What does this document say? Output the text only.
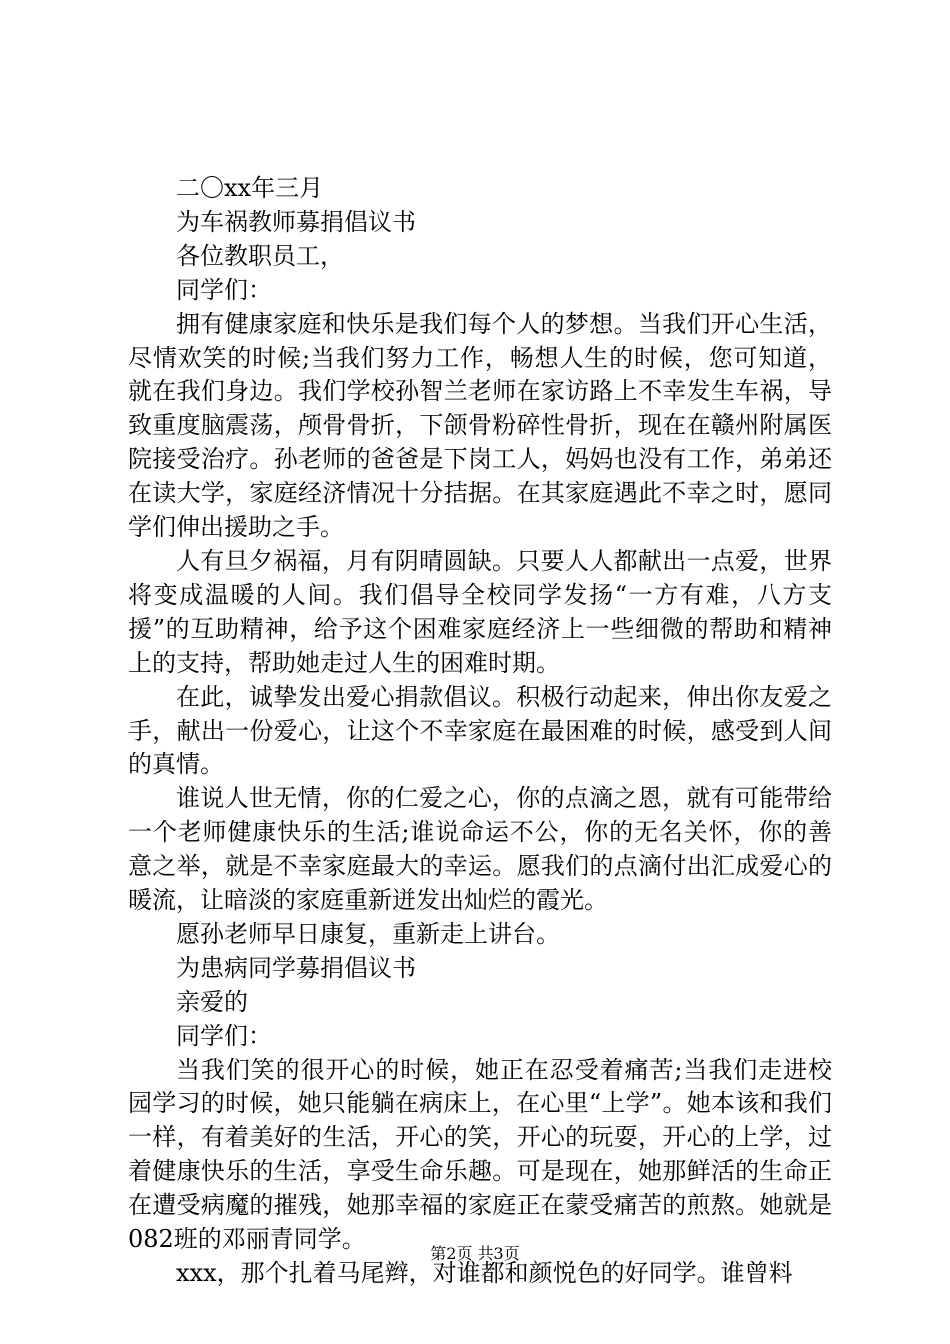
二〇xx年三月

为车祸教师募捐倡议书

各位教职员工，

同学们：

拥有健康家庭和快乐是我们每个人的梦想。当我们开心生活，尽情欢笑的时候;当我们努力工作，畅想人生的时候，您可知道，就在我们身边。我们学校孙智兰老师在家访路上不幸发生车祸，导致重度脑震荡，颅骨骨折，下颌骨粉碎性骨折，现在在赣州附属医院接受治疗。孙老师的爸爸是下岗工人，妈妈也没有工作，弟弟还在读大学，家庭经济情况十分拮据。在其家庭遇此不幸之时，愿同学们伸出援助之手。

人有旦夕祸福，月有阴晴圆缺。只要人人都献出一点爱，世界将变成温暖的人间。我们倡导全校同学发扬“一方有难，八方支援”的互助精神，给予这个困难家庭经济上一些细微的帮助和精神上的支持，帮助她走过人生的困难时期。

在此，诚挚发出爱心捐款倡议。积极行动起来，伸出你友爱之手，献出一份爱心，让这个不幸家庭在最困难的时候，感受到人间的真情。

谁说人世无情，你的仁爱之心，你的点滴之恩，就有可能带给一个老师健康快乐的生活;谁说命运不公，你的无名关怀，你的善意之举，就是不幸家庭最大的幸运。愿我们的点滴付出汇成爱心的暖流，让暗淡的家庭重新迸发出灿烂的霞光。

愿孙老师早日康复，重新走上讲台。

为患病同学募捐倡议书

亲爱的

同学们：

当我们笑的很开心的时候，她正在忍受着痛苦;当我们走进校园学习的时候，她只能躺在病床上，在心里“上学”。她本该和我们一样，有着美好的生活，开心的笑，开心的玩耍，开心的上学，过着健康快乐的生活，享受生命乐趣。可是现在，她那鲜活的生命正在遭受病魔的摧残，她那幸福的家庭正在蒙受痛苦的煎熬。她就是082班的邓丽青同学。

xxx，那个扎着马尾辫，对谁都和颜悦色的好同学。谁曾料

第2页 共3页
